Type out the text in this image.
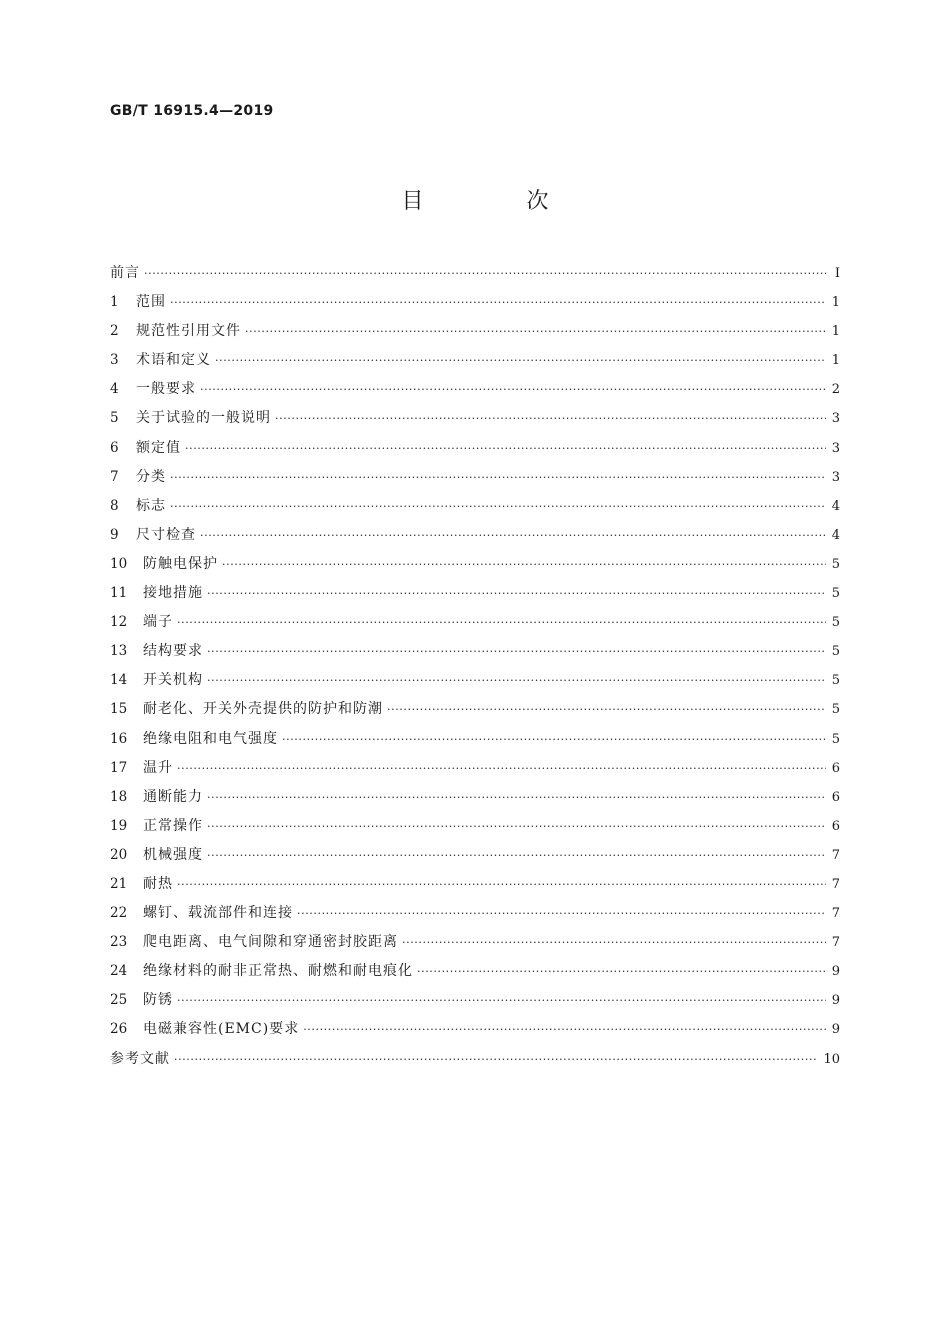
GB/T 16915.4—2019
目 次
前言 ·····	Ⅰ
1	范围 ·····	1
2	规范性引用文件 ·····	1
3	术语和定义 ·····	1
4	一般要求 ·····	2
5	关于试验的一般说明 ·····	3
6	额定值 ·····	3
7	分类 ·····	3
8	标志 ·····	4
9	尺寸检查 ·····	4
10	防触电保护 ·····	5
11	接地措施 ·····	5
12	端子 ·····	5
13	结构要求 ·····	5
14	开关机构 ·····	5
15	耐老化、开关外壳提供的防护和防潮 ·····	5
16	绝缘电阻和电气强度 ·····	5
17	温升 ·····	6
18	通断能力 ·····	6
19	正常操作 ·····	6
20	机械强度 ·····	7
21	耐热 ·····	7
22	螺钉、载流部件和连接 ·····	7
23	爬电距离、电气间隙和穿通密封胶距离 ·····	7
24	绝缘材料的耐非正常热、耐燃和耐电痕化 ·····	9
25	防锈 ·····	9
26	电磁兼容性(EMC)要求 ·····	9
参考文献 ·····	10
